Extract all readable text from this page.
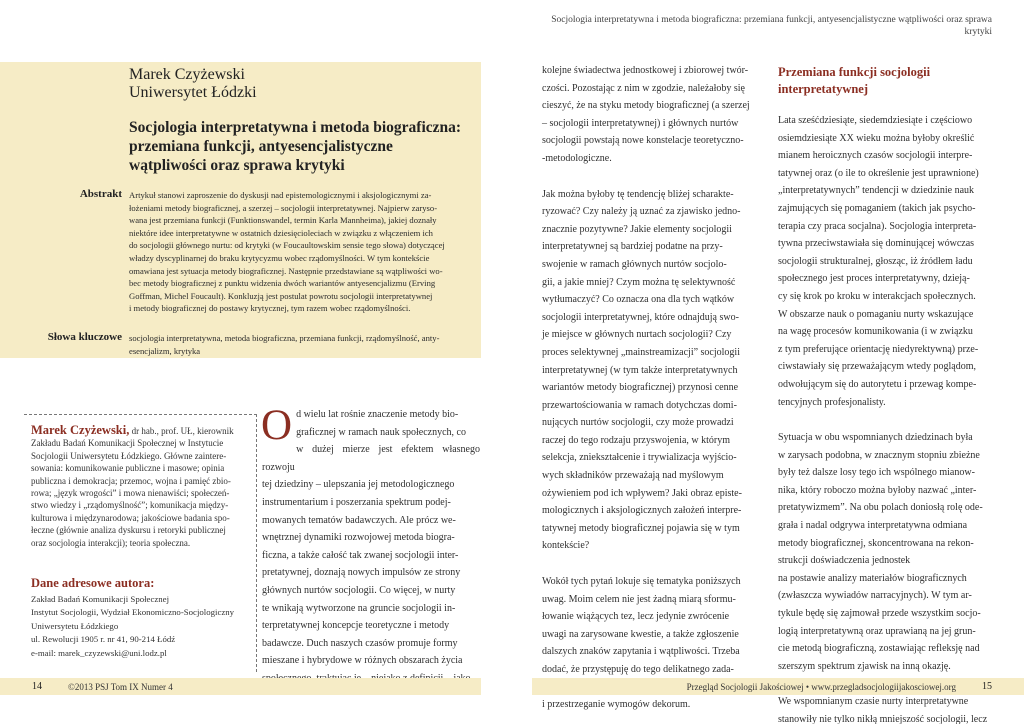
Socjologia interpretatywna i metoda biograficzna: przemiana funkcji, antyesencjalistyczne wątpliwości oraz sprawa krytyki
Marek Czyżewski
Uniwersytet Łódzki
Socjologia interpretatywna i metoda biograficzna: przemiana funkcji, antyesencjalistyczne wątpliwości oraz sprawa krytyki
Abstrakt Artykuł stanowi zaproszenie do dyskusji nad epistemologicznymi i aksjologicznymi za-
łożeniami metody biograficznej, a szerzej – socjologii interpretatywnej. Najpierw zaryso-
wana jest przemiana funkcji (Funktionswandel, termin Karla Mannheima), jakiej doznały
niektóre idee interpretatywne w ostatnich dziesięcioleciach w związku z włączeniem ich
do socjologii głównego nurtu: od krytyki (w Foucaultowskim sensie tego słowa) dotyczącej
władzy dyscyplinarnej do braku krytycyzmu wobec rządomyślności. W tym kontekście
omawiana jest sytuacja metody biograficznej. Następnie przedstawiane są wątpliwości wo-
bec metody biograficznej z punktu widzenia dwóch wariantów antyesencjalizmu (Erving
Goffman, Michel Foucault). Konkluzją jest postulat powrotu socjologii interpretatywnej
i metody biograficznej do postawy krytycznej, tym razem wobec rządomyślności.
Słowa kluczowe socjologia interpretatywna, metoda biograficzna, przemiana funkcji, rządomyślność, anty-
esencjalizm, krytyka
Marek Czyżewski, dr hab., prof. UŁ, kierownik
Zakładu Badań Komunikacji Społecznej w Instytucie
Socjologii Uniwersytetu Łódzkiego. Główne zaintere-
sowania: komunikowanie publiczne i masowe; opinia
publiczna i demokracja; przemoc, wojna i pamięć zbio-
rowa; „język wrogości” i mowa nienawiści; społeczeń-
stwo wiedzy i „rządomyślność”; komunikacja między-
kulturowa i międzynarodowa; jakościowe badania spo-
łeczne (głównie analiza dyskursu i retoryki publicznej
oraz socjologia interakcji); teoria społeczna.
Dane adresowe autora:
Zakład Badań Komunikacji Społecznej
Instytut Socjologii, Wydział Ekonomiczno-Socjologiczny
Uniwersytetu Łódzkiego
ul. Rewolucji 1905 r. nr 41, 90-214 Łódź
e-mail: marek_czyzewski@uni.lodz.pl
O d wielu lat rośnie znaczenie metody bio-
graficznej w ramach nauk społecznych, co
w dużej mierze jest efektem własnego rozwoju
tej dziedziny – ulepszania jej metodologicznego
instrumentarium i poszerzania spektrum podej-
mowanych tematów badawczych. Ale prócz we-
wnętrznej dynamiki rozwojowej metoda biogra-
ficzna, a także całość tak zwanej socjologii inter-
pretatywnej, doznają nowych impulsów ze strony
głównych nurtów socjologii. Co więcej, w nurty
te wnikają wytworzone na gruncie socjologii in-
terpretatywnej koncepcje teoretyczne i metody
badawcze. Duch naszych czasów promuje formy
mieszane i hybrydowe w różnych obszarach życia
kolejne świadectwa jednostkowej i zbiorowej twór-
czości. Pozostając z nim w zgodzie, należałoby się
cieszyć, że na styku metody biograficznej (a szerzej
– socjologii interpretatywnej) i głównych nurtów
socjologii powstają nowe konstelacje teoretyczno-
-metodologiczne.
Jak można byłoby tę tendencję bliżej scharakte-
ryzować? Czy należy ją uznać za zjawisko jedno-
znacznie pozytywne? Jakie elementy socjologii
interpretatywnej są bardziej podatne na przy-
swojenie w ramach głównych nurtów socjolo-
gii, a jakie mniej? Czym można tę selektywność
wytłumaczyć? Co oznacza ona dla tych wątków
socjologii interpretatywnej, które odnajdują swo-
je miejsce w głównych nurtach socjologii? Czy
proces selektywnej „mainstreamizacji” socjologii
interpretatywnej (w tym także interpretatywnych
wariantów metody biograficznej) przynosi cenne
przewartościowania w ramach dotychczas domi-
nujących nurtów socjologii, czy może prowadzi
raczej do tego rodzaju przyswojenia, w którym
selekcja, zniekształcenie i trywializacja wyjścio-
wych składników przeważają nad myślowym
ożywieniem pod ich wpływem? Jaki obraz episte-
mologicznych i aksjologicznych założeń interpre-
tatywnej metody biograficznej pojawia się w tym
kontekście?
Wokół tych pytań lokuje się tematyka poniższych
uwag. Moim celem nie jest żadną miarą sformu-
łowanie wiążących tez, lecz jedynie zwrócenie
uwagi na zarysowane kwestie, a także zgłoszenie
dalszych znaków zapytania i wątpliwości. Trzeba
dodać, że przystępuję do tego delikatnego zada-
i przestrzeganie wymogów dekorum.
Przemiana funkcji socjologii interpretatywnej
Lata sześćdziesiąte, siedemdziesiąte i częściowo
osiemdziesiąte XX wieku można byłoby określić
mianem heroicznych czasów socjologii interpre-
tatywnej oraz (o ile to określenie jest uprawnione)
„interpretatywnych” tendencji w dziedzinie nauk
zajmujących się pomaganiem (takich jak psycho-
terapia czy praca socjalna). Socjologia interpreta-
tywna przeciwstawiała się dominującej wówczas
socjologii strukturalnej, głosząc, iż źródłem ładu
społecznego jest proces interpretatywny, dzieją-
cy się krok po kroku w interakcjach społecznych.
W obszarze nauk o pomaganiu nurty wskazujące
na wagę procesów komunikowania (i w związku
z tym preferujące orientację niedyrektywną) prze-
ciwstawiały się przeważającym wtedy poglądom,
odwołującym się do autorytetu i przewag kompe-
tencyjnych profesjonalisty.
Sytuacja w obu wspomnianych dziedzinach była
w zarysach podobna, w znacznym stopniu zbieżne
były też dalsze losy tego ich wspólnego mianow-
nika, który roboczo można byłoby nazwać „inter-
pretatywizmem”. Na obu polach doniosłą rolę ode-
grała i nadal odgrywa interpretatywna odmiana
metody biograficznej, skoncentrowana na rekon-
strukcji doświadczenia jednostek
na postawie analizy materiałów biograficznych
(zwłaszcza wywiadów narracyjnych). W tym ar-
tykule będę się zajmował przede wszystkim socjo-
logią interpretatywną oraz uprawianą na jej grun-
cie metodą biograficzną, zostawiając refleksję nad
szerszym spektrum zjawisk na inną okazję.
We wspomnianym czasie nurty interpretatywne
stanowiły nie tylko nikłą mniejszość socjologii, lecz
14	©2013 PSJ Tom IX Numer 4	Przegląd Socjologii Jakościowej • www.przegladsocjologiijakosciowej.org	15
